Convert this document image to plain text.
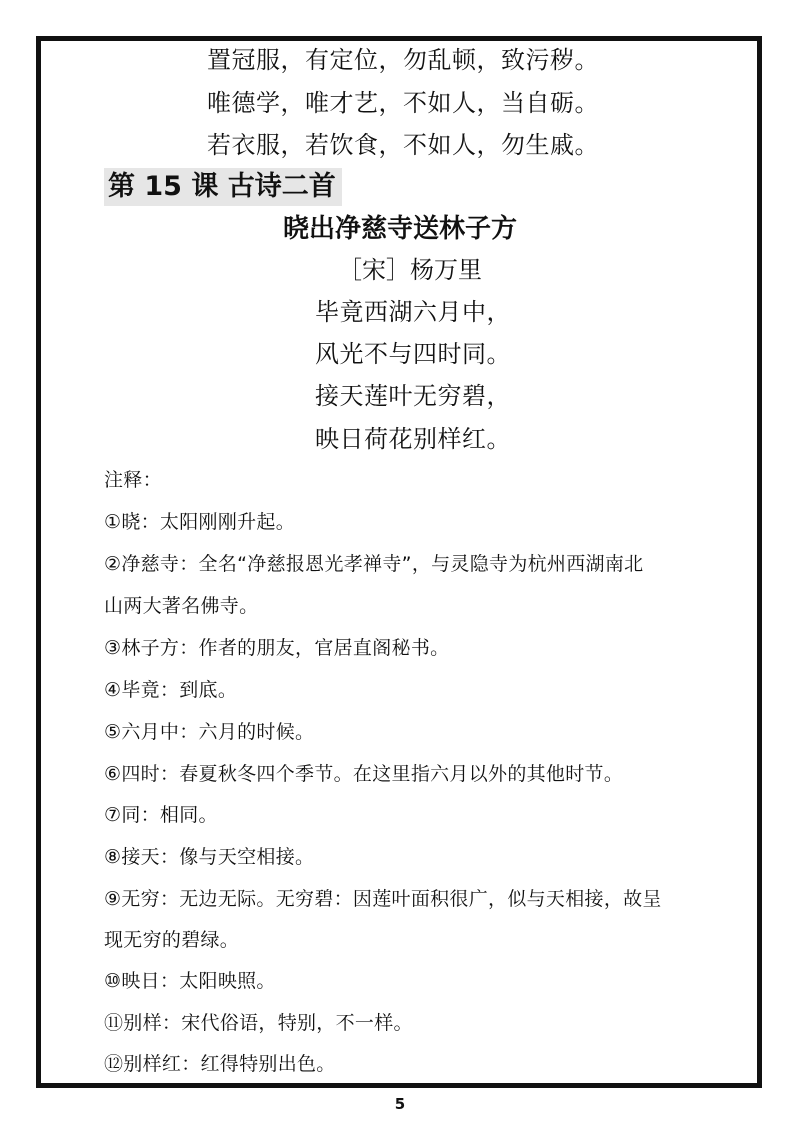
置冠服，有定位，勿乱顿，致污秽。
唯德学，唯才艺，不如人，当自砺。
若衣服，若饮食，不如人，勿生戚。
第 15 课 古诗二首
晓出净慈寺送林子方
［宋］杨万里
毕竟西湖六月中，
风光不与四时同。
接天莲叶无穷碧，
映日荷花别样红。
注释：
①晓：太阳刚刚升起。
②净慈寺：全名“净慈报恩光孝禅寺”，与灵隐寺为杭州西湖南北
山两大著名佛寺。
③林子方：作者的朋友，官居直阁秘书。
④毕竟：到底。
⑤六月中：六月的时候。
⑥四时：春夏秋冬四个季节。在这里指六月以外的其他时节。
⑦同：相同。
⑧接天：像与天空相接。
⑨无穷：无边无际。无穷碧：因莲叶面积很广，似与天相接，故呈
现无穷的碧绿。
⑩映日：太阳映照。
⑪别样：宋代俗语，特别，不一样。
⑫别样红：红得特别出色。
5
